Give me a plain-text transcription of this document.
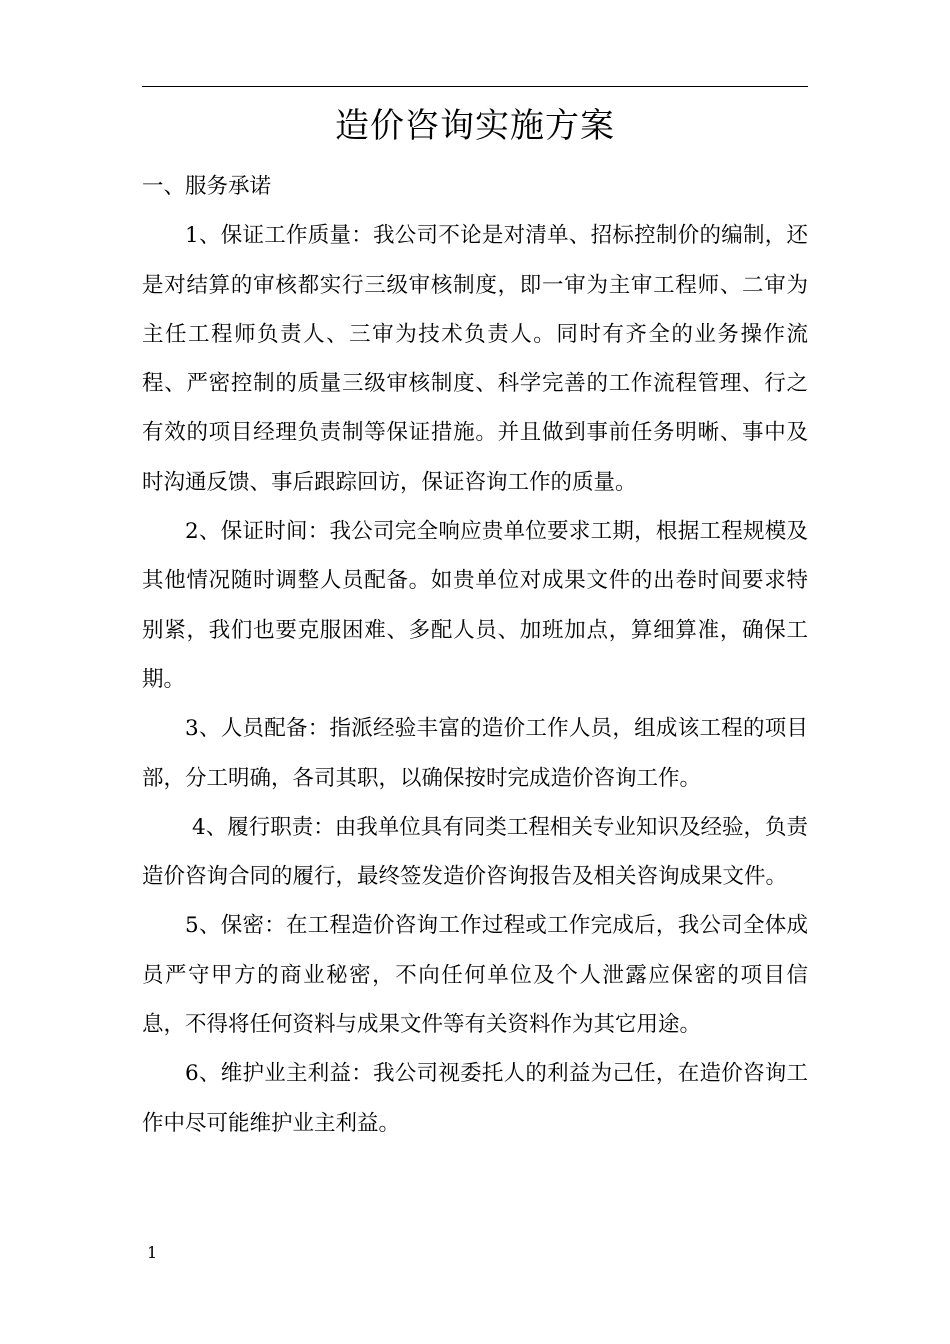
造价咨询实施方案

一、服务承诺

1、保证工作质量：我公司不论是对清单、招标控制价的编制，还是对结算的审核都实行三级审核制度，即一审为主审工程师、二审为主任工程师负责人、三审为技术负责人。同时有齐全的业务操作流程、严密控制的质量三级审核制度、科学完善的工作流程管理、行之有效的项目经理负责制等保证措施。并且做到事前任务明晰、事中及时沟通反馈、事后跟踪回访，保证咨询工作的质量。

2、保证时间：我公司完全响应贵单位要求工期，根据工程规模及其他情况随时调整人员配备。如贵单位对成果文件的出卷时间要求特别紧，我们也要克服困难、多配人员、加班加点，算细算准，确保工期。

3、人员配备：指派经验丰富的造价工作人员，组成该工程的项目部，分工明确，各司其职，以确保按时完成造价咨询工作。

4、履行职责：由我单位具有同类工程相关专业知识及经验，负责造价咨询合同的履行，最终签发造价咨询报告及相关咨询成果文件。

5、保密：在工程造价咨询工作过程或工作完成后，我公司全体成员严守甲方的商业秘密，不向任何单位及个人泄露应保密的项目信息，不得将任何资料与成果文件等有关资料作为其它用途。

6、维护业主利益：我公司视委托人的利益为己任，在造价咨询工作中尽可能维护业主利益。

1
